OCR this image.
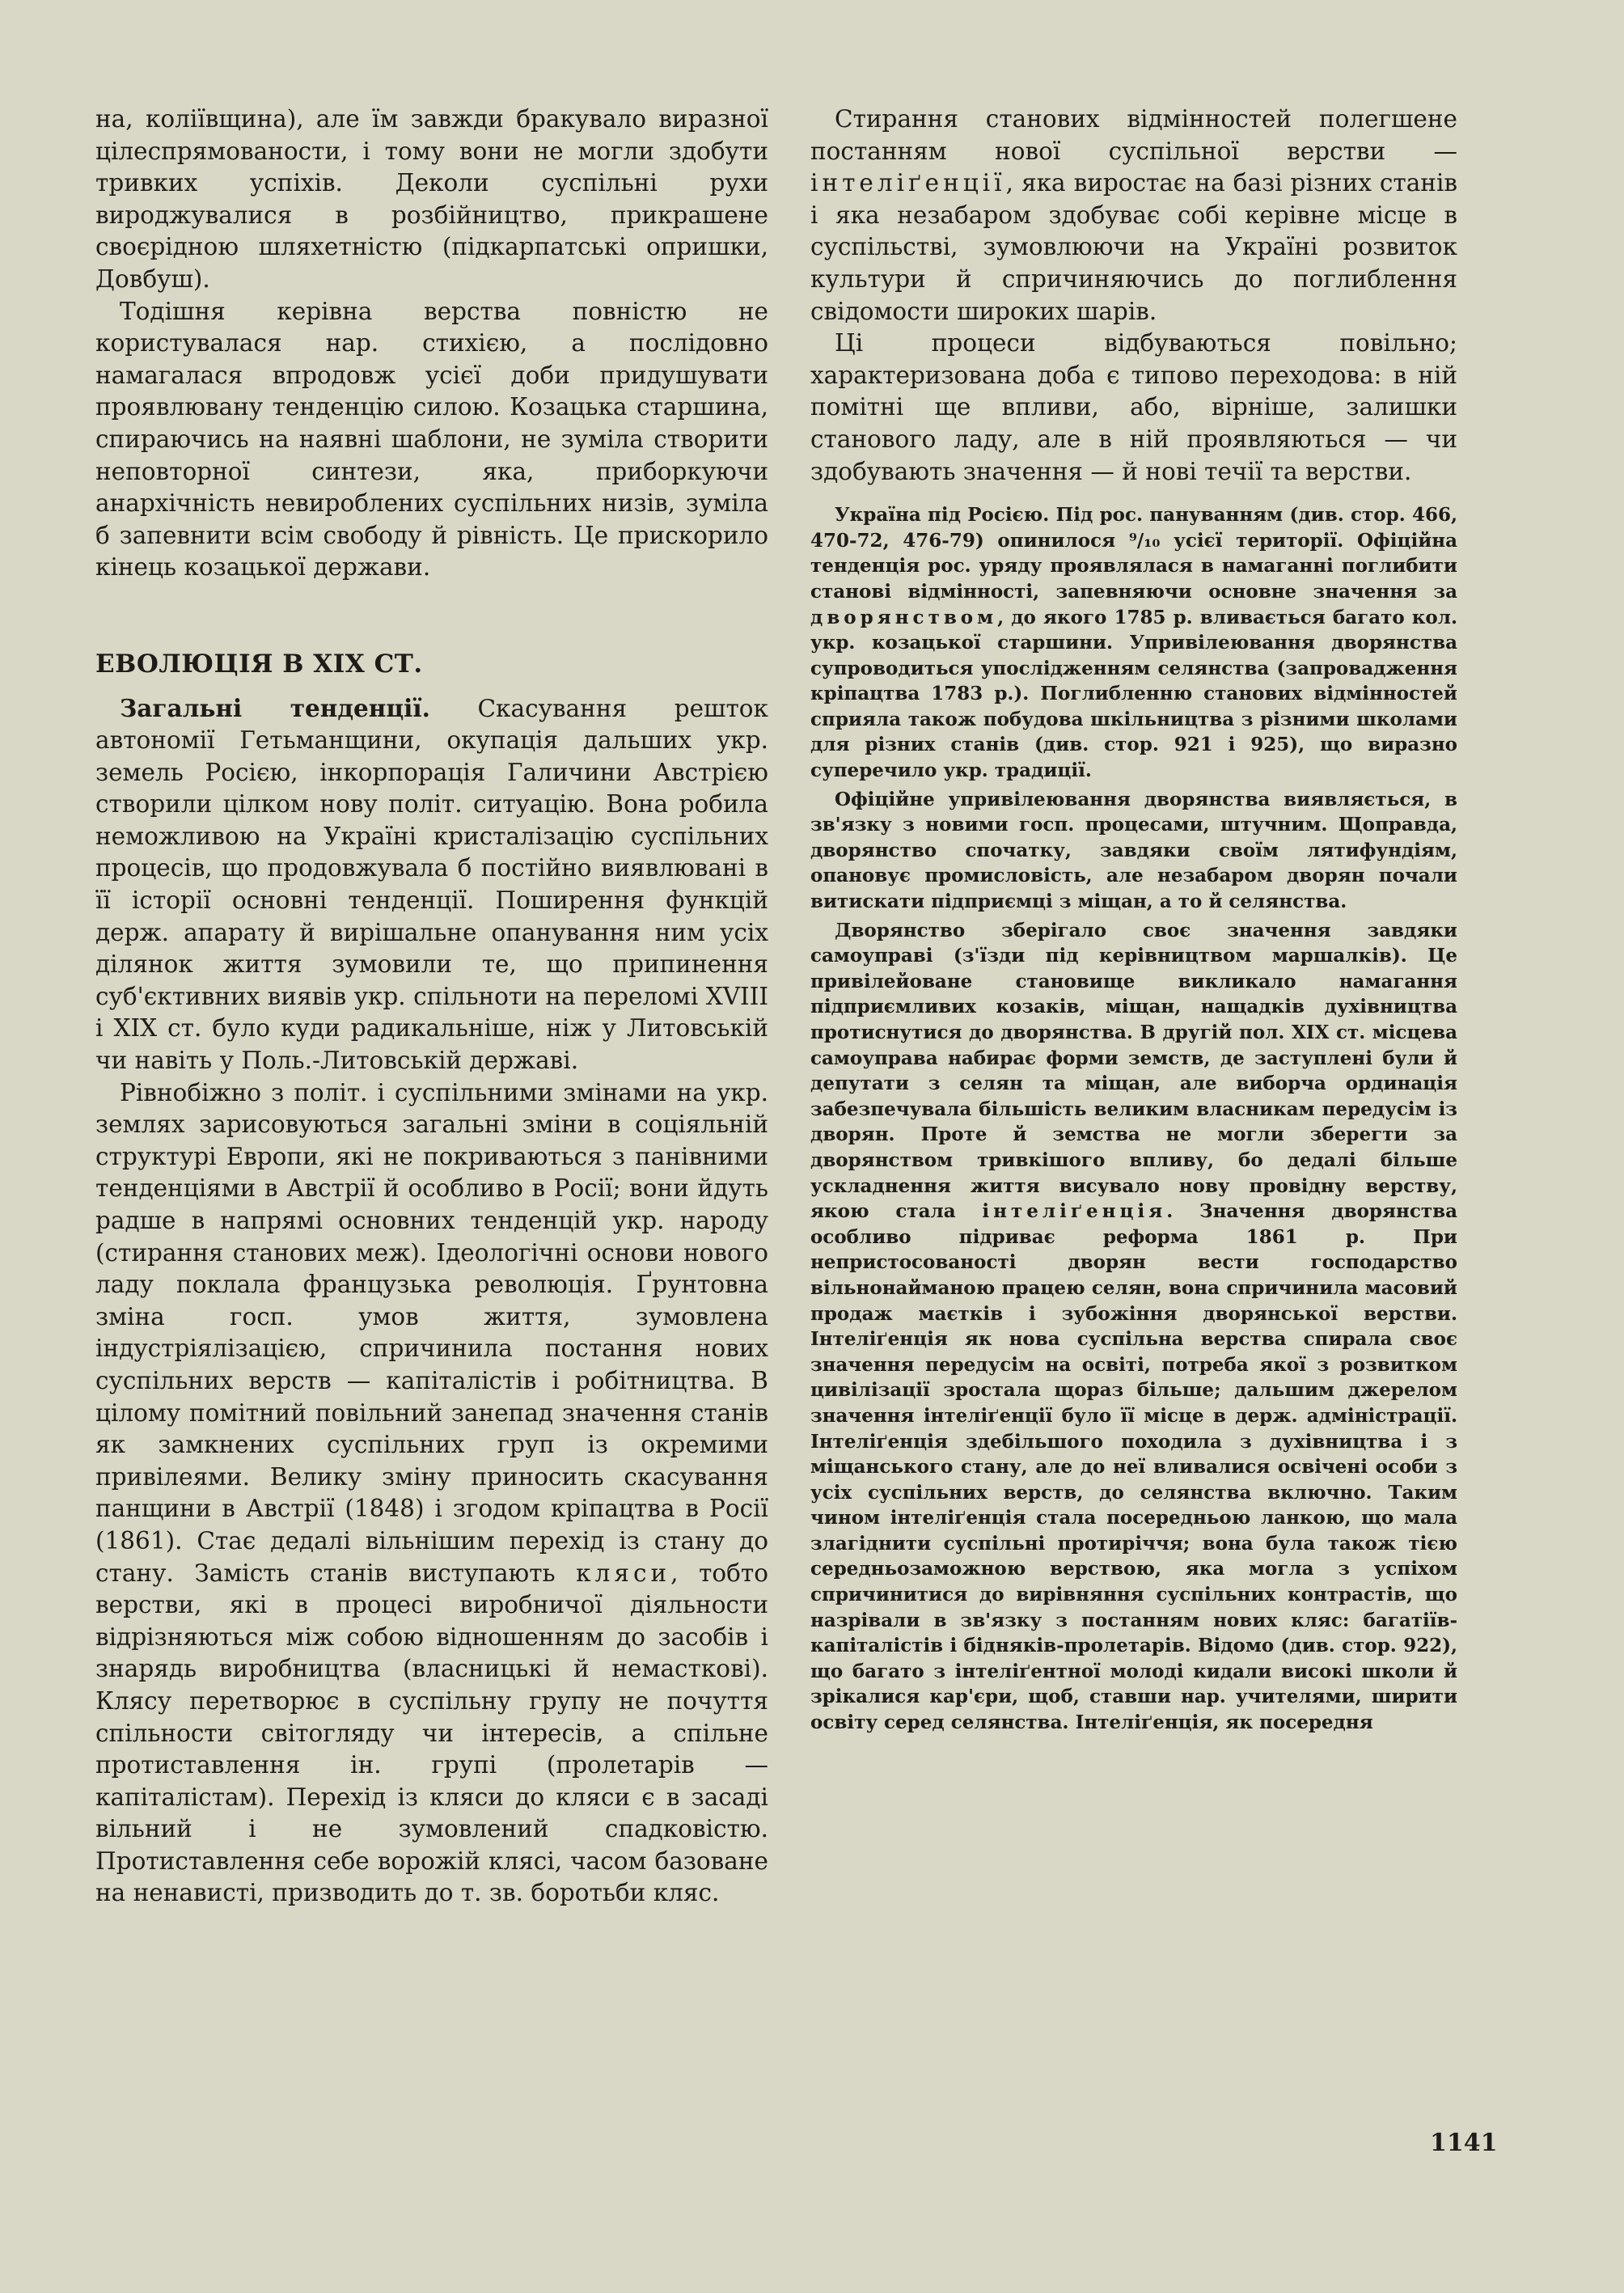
на, коліївщина), але їм завжди бракувало виразної цілеспрямованости, і тому вони не могли здобути тривких успіхів. Деколи суспільні рухи вироджувалися в розбійництво, прикрашене своєрідною шляхетністю (підкарпатські опришки, Довбуш).

Тодішня керівна верства повністю не користувалася нар. стихією, а послідовно намагалася впродовж усієї доби придушувати проявлювану тенденцію силою. Козацька старшина, спираючись на наявні шаблони, не зуміла створити неповторної синтези, яка, приборкуючи анархічність невироблених суспільних низів, зуміла б запевнити всім свободу й рівність. Це прискорило кінець козацької держави.

ЕВОЛЮЦІЯ В XIX СТ.

Загальні тенденції. Скасування решток автономії Гетьманщини, окупація дальших укр. земель Росією, інкорпорація Галичини Австрією створили цілком нову політ. ситуацію. Вона робила неможливою на Україні кристалізацію суспільних процесів, що продовжувала б постійно виявлювані в її історії основні тенденції. Поширення функцій держ. апарату й вирішальне опанування ним усіх ділянок життя зумовили те, що припинення суб'єктивних виявів укр. спільноти на переломі XVIII і XIX ст. було куди радикальніше, ніж у Литовській чи навіть у Поль.-Литовській державі.

Рівнобіжно з політ. і суспільними змінами на укр. землях зарисовуються загальні зміни в соціяльній структурі Европи, які не покриваються з панівними тенденціями в Австрії й особливо в Росії; вони йдуть радше в напрямі основних тенденцій укр. народу (стирання станових меж). Ідеологічні основи нового ладу поклала французька революція. Ґрунтовна зміна госп. умов життя, зумовлена індустріялізацією, спричинила постання нових суспільних верств — капіталістів і робітництва. В цілому помітний повільний занепад значення станів як замкнених суспільних груп із окремими привілеями. Велику зміну приносить скасування панщини в Австрії (1848) і згодом кріпацтва в Росії (1861). Стає дедалі вільнішим перехід із стану до стану. Замість станів виступають кляси, тобто верстви, які в процесі виробничої діяльности відрізняються між собою відношенням до засобів і знарядь виробництва (власницькі й немасткові). Клясу перетворює в суспільну групу не почуття спільности світогляду чи інтересів, а спільне протиставлення ін. групі (пролетарів — капіталістам). Перехід із кляси до кляси є в засаді вільний і не зумовлений спадковістю. Протиставлення себе ворожій клясі, часом базоване на ненависті, призводить до т. зв. боротьби кляс.

Стирання станових відмінностей полегшене постанням нової суспільної верстви — інтеліґенції, яка виростає на базі різних станів і яка незабаром здобуває собі керівне місце в суспільстві, зумовлюючи на Україні розвиток культури й спричиняючись до поглиблення свідомости широких шарів.

Ці процеси відбуваються повільно; характеризована доба є типово переходова: в ній помітні ще впливи, або, вірніше, залишки станового ладу, але в ній проявляються — чи здобувають значення — й нові течії та верстви.

Україна під Росією. Під рос. пануванням (див. стор. 466, 470-72, 476-79) опинилося ⁹/₁₀ усієї території. Офіційна тенденція рос. уряду проявлялася в намаганні поглибити станові відмінності, запевняючи основне значення за дворянством, до якого 1785 р. вливається багато кол. укр. козацької старшини. Упривілеювання дворянства супроводиться упослідженням селянства (запровадження кріпацтва 1783 р.). Поглибленню станових відмінностей сприяла також побудова шкільництва з різними школами для різних станів (див. стор. 921 і 925), що виразно суперечило укр. традиції.

Офіційне упривілеювання дворянства виявляється, в зв'язку з новими госп. процесами, штучним. Щоправда, дворянство спочатку, завдяки своїм лятифундіям, опановує промисловість, але незабаром дворян почали витискати підприємці з міщан, а то й селянства.

Дворянство зберігало своє значення завдяки самоуправі (з'їзди під керівництвом маршалків). Це привілейоване становище викликало намагання підприємливих козаків, міщан, нащадків духівництва протиснутися до дворянства. В другій пол. XIX ст. місцева самоуправа набирає форми земств, де заступлені були й депутати з селян та міщан, але виборча ординація забезпечувала більшість великим власникам передусім із дворян. Проте й земства не могли зберегти за дворянством тривкішого впливу, бо дедалі більше ускладнення життя висувало нову провідну верству, якою стала інтеліґенція. Значення дворянства особливо підриває реформа 1861 р. При непристосованості дворян вести господарство вільнонайманою працею селян, вона спричинила масовий продаж маєтків і зубожіння дворянської верстви. Інтеліґенція як нова суспільна верства спирала своє значення передусім на освіті, потреба якої з розвитком цивілізації зростала щораз більше; дальшим джерелом значення інтеліґенції було її місце в держ. адміністрації. Інтеліґенція здебільшого походила з духівництва і з міщанського стану, але до неї вливалися освічені особи з усіх суспільних верств, до селянства включно. Таким чином інтеліґенція стала посередньою ланкою, що мала злагіднити суспільні протиріччя; вона була також тією середньозаможною верствою, яка могла з успіхом спричинитися до вирівняння суспільних контрастів, що назрівали в зв'язку з постанням нових кляс: багатіїв-капіталістів і бідняків-пролетарів. Відомо (див. стор. 922), що багато з інтеліґентної молоді кидали високі школи й зрікалися кар'єри, щоб, ставши нар. учителями, ширити освіту серед селянства. Інтеліґенція, як посередня

1141
